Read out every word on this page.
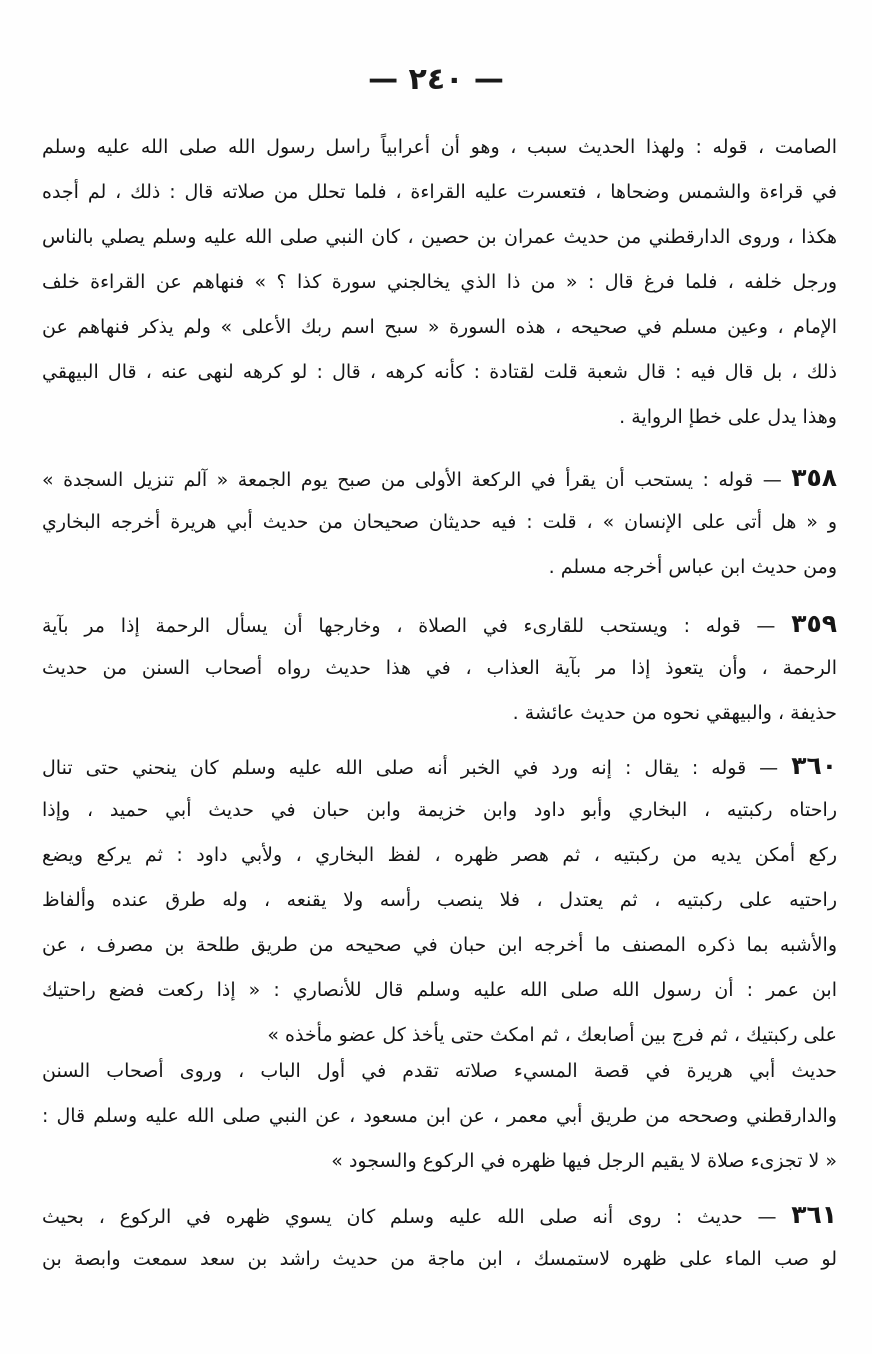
— ٢٤٠ —
الصامت ، قوله : ولهذا الحديث سبب ، وهو أن أعرابياً راسل رسول الله صلى الله عليه وسلم
في قراءة والشمس وضحاها ، فتعسرت عليه القراءة ، فلما تحلل من صلاته قال : ذلك ، لم أجده
هكذا ، وروى الدارقطني من حديث عمران بن حصين ، كان النبي صلى الله عليه وسلم يصلي بالناس
ورجل خلفه ، فلما فرغ قال : « من ذا الذي يخالجني سورة كذا ؟ » فنهاهم عن القراءة خلف
الإمام ، وعين مسلم في صحيحه ، هذه السورة « سبح اسم ربك الأعلى » ولم يذكر فنهاهم عن
ذلك ، بل قال فيه : قال شعبة قلت لقتادة : كأنه كرهه ، قال : لو كرهه لنهى عنه ، قال البيهقي
وهذا يدل على خطإ الرواية .
٣٥٨ — قوله : يستحب أن يقرأ في الركعة الأولى من صبح يوم الجمعة « آلم تنزيل السجدة »
و « هل أتى على الإنسان » ، قلت : فيه حديثان صحيحان من حديث أبي هريرة أخرجه البخاري
ومن حديث ابن عباس أخرجه مسلم .
٣٥٩ — قوله : ويستحب للقارىء في الصلاة ، وخارجها أن يسأل الرحمة إذا مر بآية
الرحمة ، وأن يتعوذ إذا مر بآية العذاب ، في هذا حديث رواه أصحاب السنن من حديث
حذيفة ، والبيهقي نحوه من حديث عائشة .
٣٦٠ — قوله : يقال : إنه ورد في الخبر أنه صلى الله عليه وسلم كان ينحني حتى تنال
راحتاه ركبتيه ، البخاري وأبو داود وابن خزيمة وابن حبان في حديث أبي حميد ، وإذا
ركع أمكن يديه من ركبتيه ، ثم هصر ظهره ، لفظ البخاري ، ولأبي داود : ثم يركع ويضع
راحتيه على ركبتيه ، ثم يعتدل ، فلا ينصب رأسه ولا يقنعه ، وله طرق عنده وألفاظ
والأشبه بما ذكره المصنف ما أخرجه ابن حبان في صحيحه من طريق طلحة بن مصرف ، عن
ابن عمر : أن رسول الله صلى الله عليه وسلم قال للأنصاري : « إذا ركعت فضع راحتيك
على ركبتيك ، ثم فرج بين أصابعك ، ثم امكث حتى يأخذ كل عضو مأخذه »
حديث أبي هريرة في قصة المسيء صلاته تقدم في أول الباب ، وروى أصحاب السنن
والدارقطني وصححه من طريق أبي معمر ، عن ابن مسعود ، عن النبي صلى الله عليه وسلم قال :
« لا تجزىء صلاة لا يقيم الرجل فيها ظهره في الركوع والسجود »
٣٦١ — حديث : روى أنه صلى الله عليه وسلم كان يسوي ظهره في الركوع ، بحيث
لو صب الماء على ظهره لاستمسك ، ابن ماجة من حديث راشد بن سعد سمعت وابصة بن
